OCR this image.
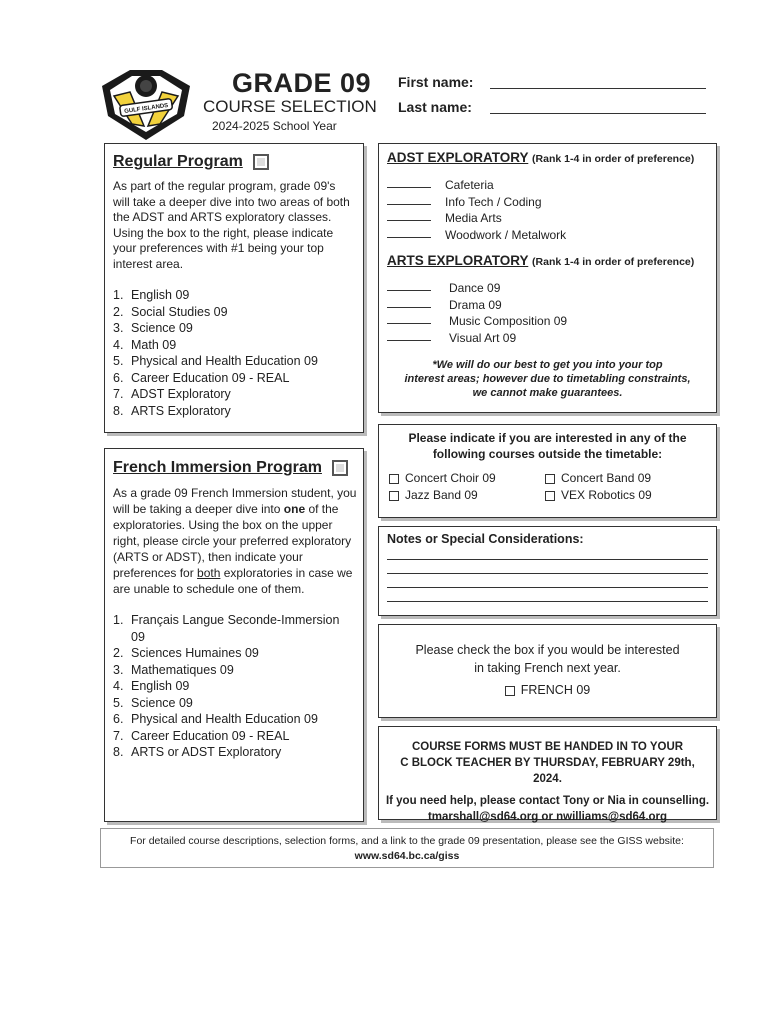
GULF ISLANDS
GRADE 09
COURSE SELECTION
2024-2025 School Year
First name:
Last name:
Regular Program
As part of the regular program, grade 09's will take a deeper dive into two areas of both the ADST and ARTS exploratory classes. Using the box to the right, please indicate your preferences with #1 being your top interest area.
1. English 09
2. Social Studies 09
3. Science 09
4. Math 09
5. Physical and Health Education 09
6. Career Education 09 - REAL
7. ADST Exploratory
8. ARTS Exploratory
French Immersion Program
As a grade 09 French Immersion student, you will be taking a deeper dive into one of the exploratories. Using the box on the upper right, please circle your preferred exploratory (ARTS or ADST), then indicate your preferences for both exploratories in case we are unable to schedule one of them.
1. Français Langue Seconde-Immersion 09
2. Sciences Humaines 09
3. Mathematiques 09
4. English 09
5. Science 09
6. Physical and Health Education 09
7. Career Education 09 - REAL
8. ARTS or ADST Exploratory
ADST EXPLORATORY (Rank 1-4 in order of preference)
Cafeteria
Info Tech / Coding
Media Arts
Woodwork / Metalwork
ARTS EXPLORATORY (Rank 1-4 in order of preference)
Dance 09
Drama 09
Music Composition 09
Visual Art 09
*We will do our best to get you into your top
interest areas; however due to timetabling constraints,
we cannot make guarantees.
Please indicate if you are interested in any of the
following courses outside the timetable:
Concert Choir 09	Concert Band 09
Jazz Band 09	VEX Robotics 09
Notes or Special Considerations:
Please check the box if you would be interested
in taking French next year.
FRENCH 09
COURSE FORMS MUST BE HANDED IN TO YOUR
C BLOCK TEACHER BY THURSDAY, FEBRUARY 29th, 2024.
If you need help, please contact Tony or Nia in counselling.
tmarshall@sd64.org or nwilliams@sd64.org
For detailed course descriptions, selection forms, and a link to the grade 09 presentation, please see the GISS website:
www.sd64.bc.ca/giss
